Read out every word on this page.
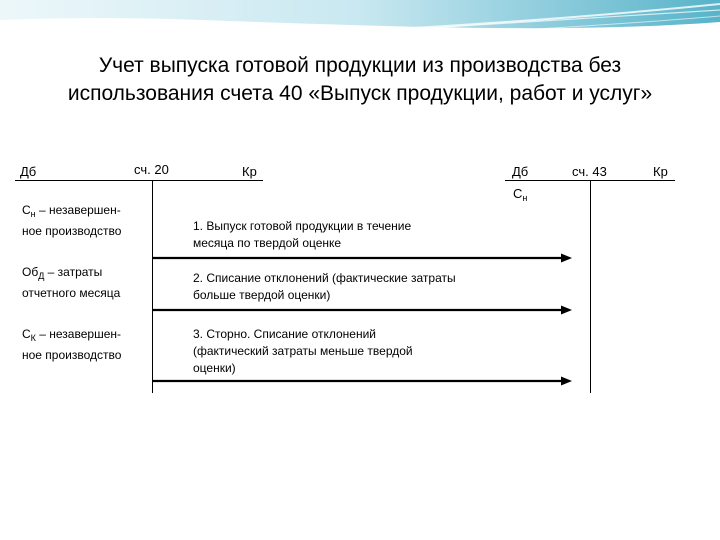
Учет выпуска готовой продукции из производства без
использования счета 40 «Выпуск продукции, работ и услуг»
Дб	сч. 20	Кр
$С_н$ – незавершен-
ное производство
$Об_Д$ – затраты
отчетного месяца
$С_К$ – незавершен-
ное производство
Дб	сч. 43	Кр
$С_н$
1. Выпуск готовой продукции в течение
месяца по твердой оценке
2. Списание отклонений (фактические затраты
больше твердой оценки)
3. Сторно. Списание отклонений
(фактический затраты меньше твердой
оценки)
